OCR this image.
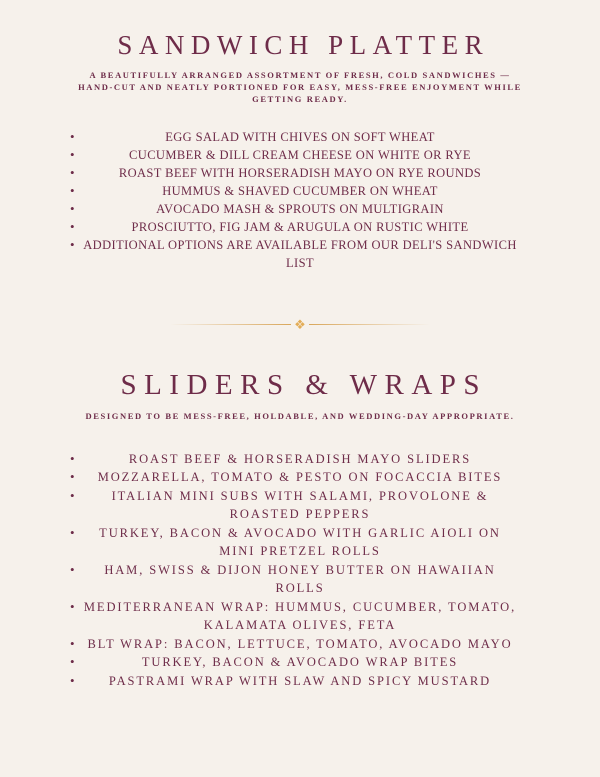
SANDWICH PLATTER

A BEAUTIFULLY ARRANGED ASSORTMENT OF FRESH, COLD SANDWICHES — HAND-CUT AND NEATLY PORTIONED FOR EASY, MESS-FREE ENJOYMENT WHILE GETTING READY.

•	EGG SALAD WITH CHIVES ON SOFT WHEAT
•	CUCUMBER & DILL CREAM CHEESE ON WHITE OR RYE
•	ROAST BEEF WITH HORSERADISH MAYO ON RYE ROUNDS
•	HUMMUS & SHAVED CUCUMBER ON WHEAT
•	AVOCADO MASH & SPROUTS ON MULTIGRAIN
•	PROSCIUTTO, FIG JAM & ARUGULA ON RUSTIC WHITE
• ADDITIONAL OPTIONS ARE AVAILABLE FROM OUR DELI'S SANDWICH LIST
❖
SLIDERS & WRAPS

DESIGNED TO BE MESS-FREE, HOLDABLE, AND WEDDING-DAY APPROPRIATE.

•	ROAST BEEF & HORSERADISH MAYO SLIDERS
• MOZZARELLA, TOMATO & PESTO ON FOCACCIA BITES
•	ITALIAN MINI SUBS WITH SALAMI, PROVOLONE & ROASTED PEPPERS
• TURKEY, BACON & AVOCADO WITH GARLIC AIOLI ON MINI PRETZEL ROLLS
• HAM, SWISS & DIJON HONEY BUTTER ON HAWAIIAN ROLLS
• MEDITERRANEAN WRAP: HUMMUS, CUCUMBER, TOMATO, KALAMATA OLIVES, FETA
• BLT WRAP: BACON, LETTUCE, TOMATO, AVOCADO MAYO
•	TURKEY, BACON & AVOCADO WRAP BITES
•	PASTRAMI WRAP WITH SLAW AND SPICY MUSTARD
